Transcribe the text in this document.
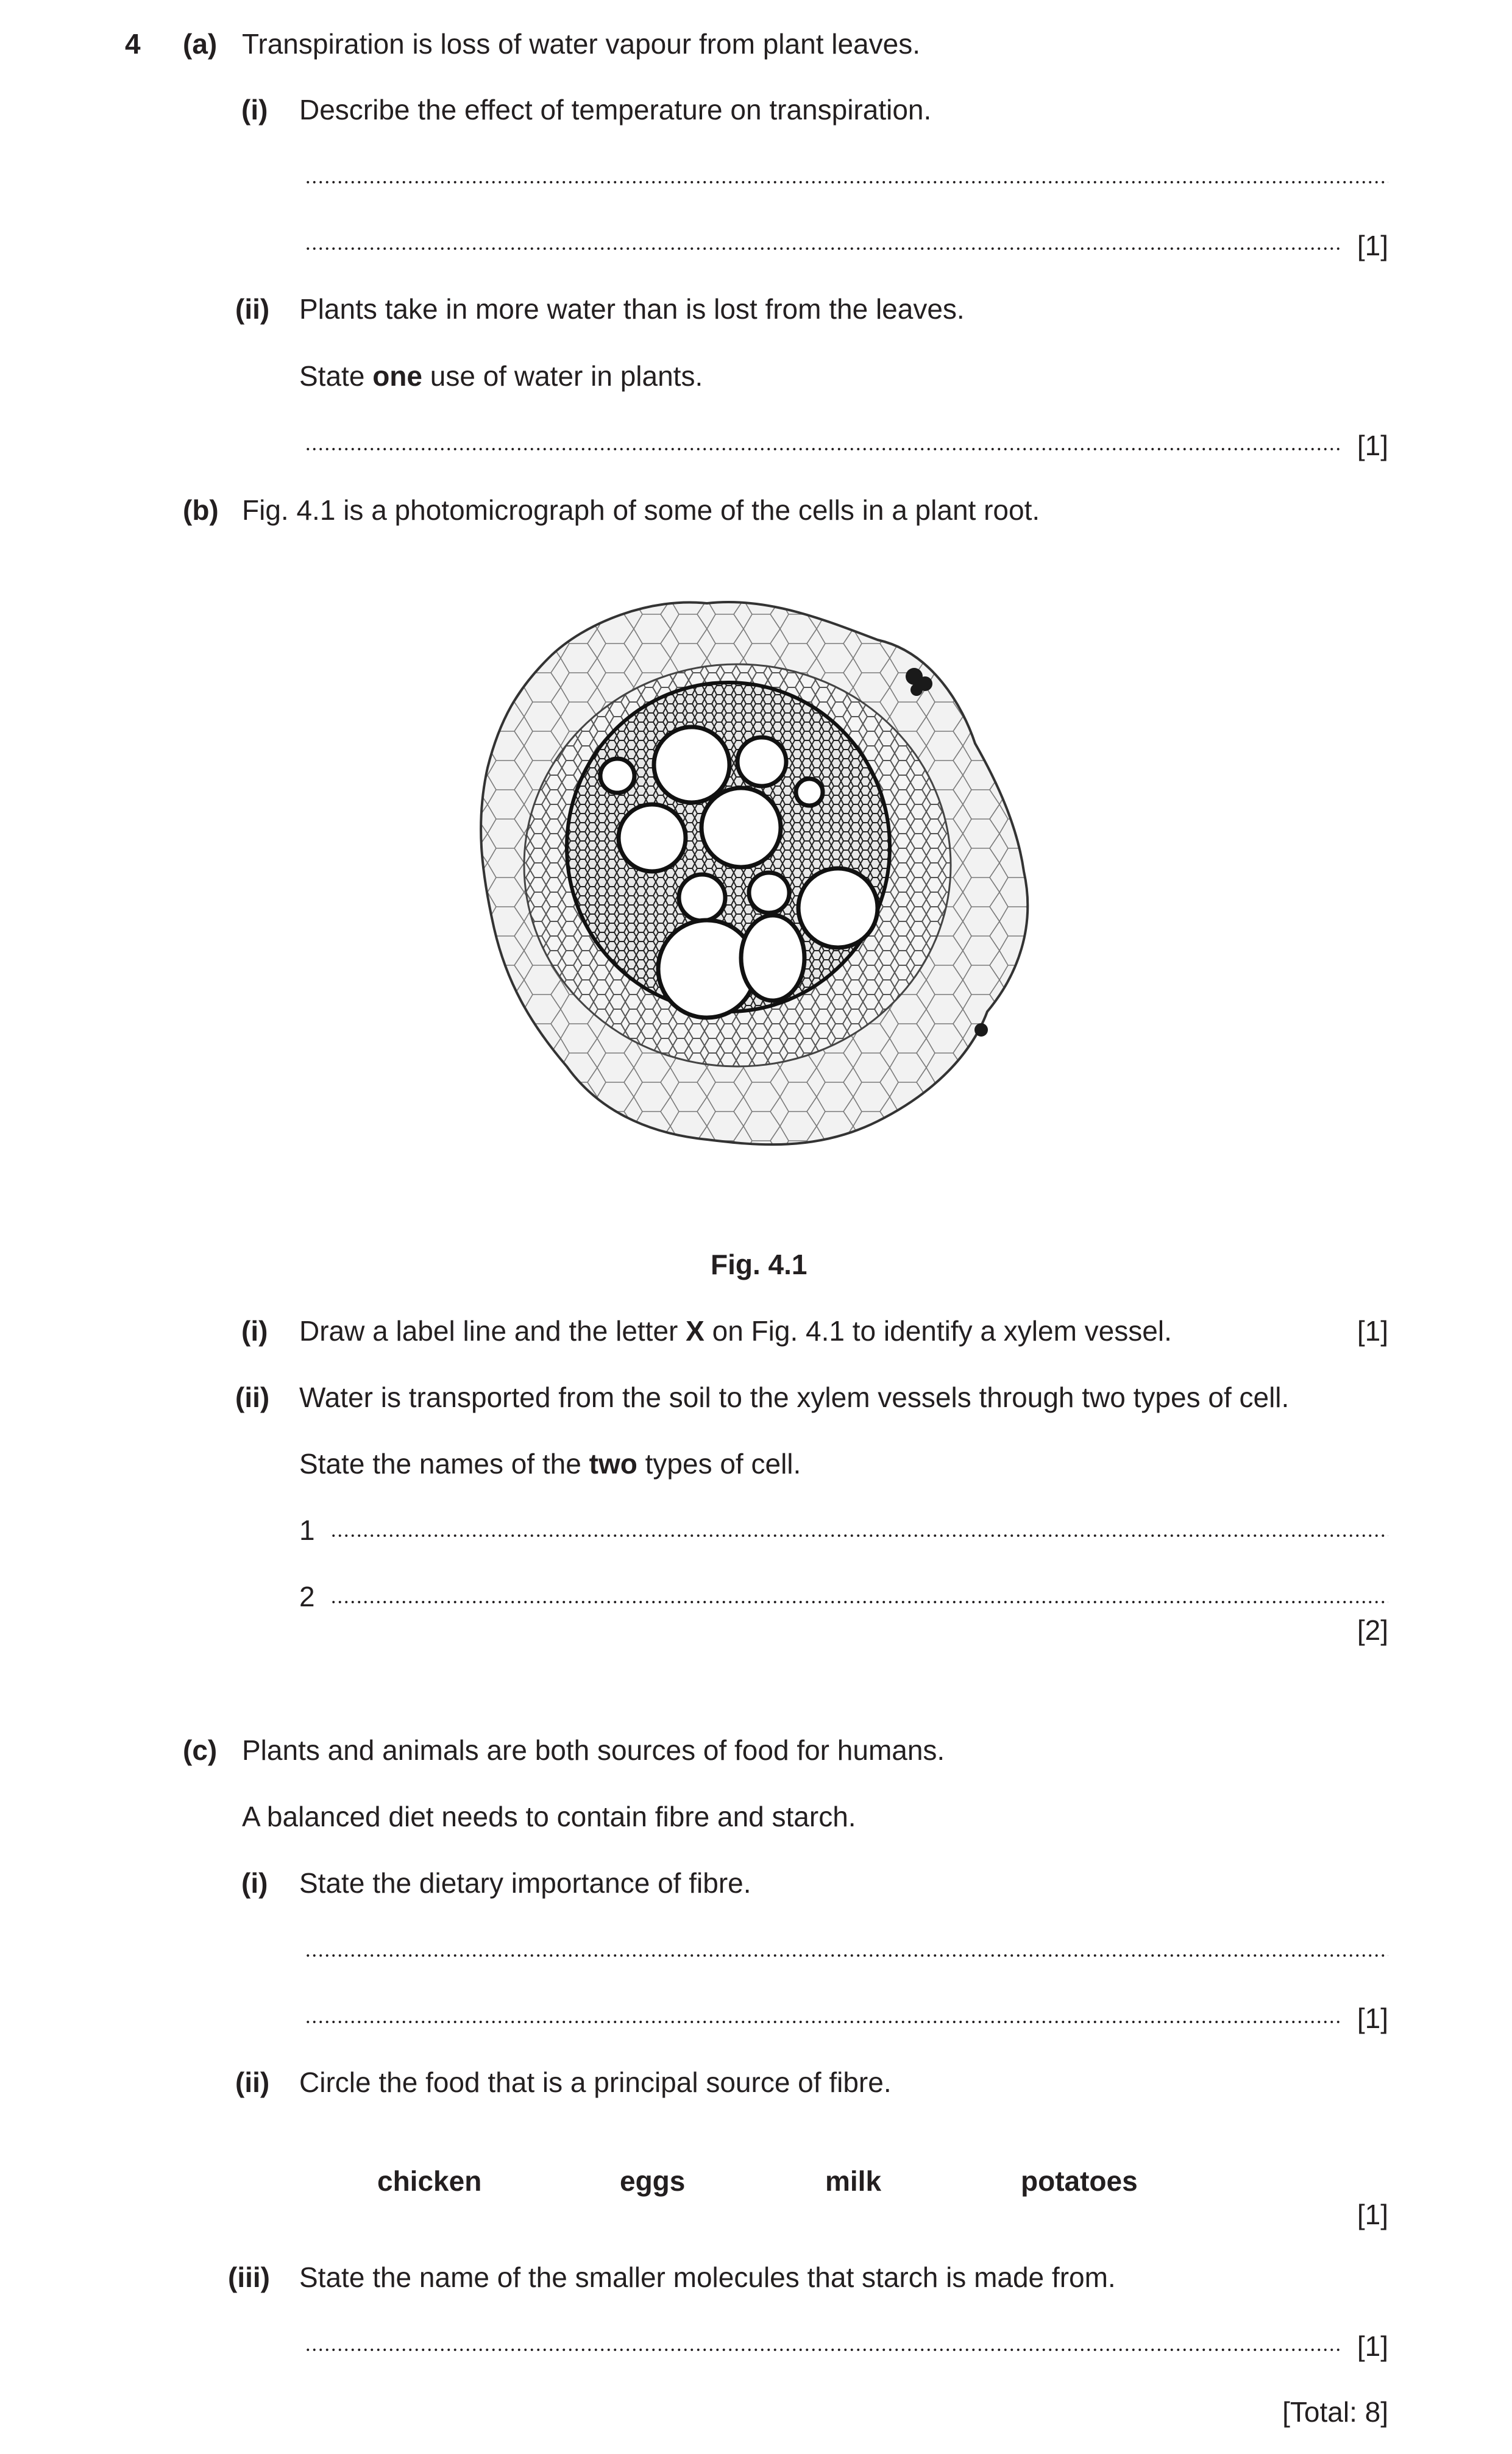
4 (a) Transpiration is loss of water vapour from plant leaves.
(i) Describe the effect of temperature on transpiration.
[1]
(ii) Plants take in more water than is lost from the leaves.
State one use of water in plants.
[1]
(b) Fig. 4.1 is a photomicrograph of some of the cells in a plant root.
Fig. 4.1
(i) Draw a label line and the letter X on Fig. 4.1 to identify a xylem vessel.	[1]
(ii) Water is transported from the soil to the xylem vessels through two types of cell.
State the names of the two types of cell.
1
2
[2]
(c) Plants and animals are both sources of food for humans.
A balanced diet needs to contain fibre and starch.
(i) State the dietary importance of fibre.
[1]
(ii) Circle the food that is a principal source of fibre.
chicken	eggs	milk	potatoes
[1]
(iii) State the name of the smaller molecules that starch is made from.
[1]
[Total: 8]
